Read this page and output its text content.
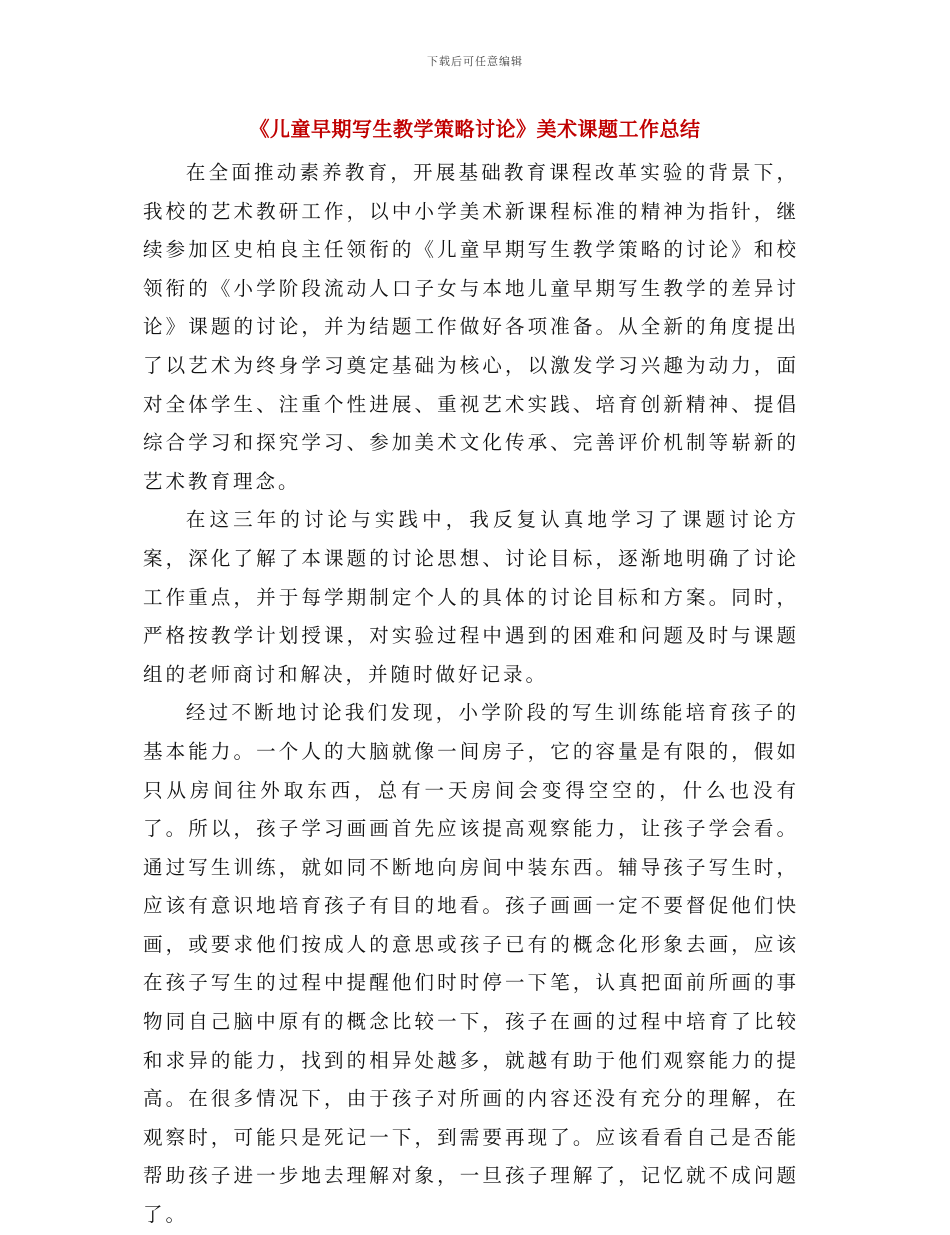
下载后可任意编辑
《儿童早期写生教学策略讨论》美术课题工作总结

在全面推动素养教育，开展基础教育课程改革实验的背景下，我校的艺术教研工作，以中小学美术新课程标准的精神为指针，继续参加区史柏良主任领衔的《儿童早期写生教学策略的讨论》和校领衔的《小学阶段流动人口子女与本地儿童早期写生教学的差异讨论》课题的讨论，并为结题工作做好各项准备。从全新的角度提出了以艺术为终身学习奠定基础为核心，以激发学习兴趣为动力，面对全体学生、注重个性进展、重视艺术实践、培育创新精神、提倡综合学习和探究学习、参加美术文化传承、完善评价机制等崭新的艺术教育理念。

在这三年的讨论与实践中，我反复认真地学习了课题讨论方案，深化了解了本课题的讨论思想、讨论目标，逐渐地明确了讨论工作重点，并于每学期制定个人的具体的讨论目标和方案。同时，严格按教学计划授课，对实验过程中遇到的困难和问题及时与课题组的老师商讨和解决，并随时做好记录。

经过不断地讨论我们发现，小学阶段的写生训练能培育孩子的基本能力。一个人的大脑就像一间房子，它的容量是有限的，假如只从房间往外取东西，总有一天房间会变得空空的，什么也没有了。所以，孩子学习画画首先应该提高观察能力，让孩子学会看。通过写生训练，就如同不断地向房间中装东西。辅导孩子写生时，应该有意识地培育孩子有目的地看。孩子画画一定不要督促他们快画，或要求他们按成人的意思或孩子已有的概念化形象去画，应该在孩子写生的过程中提醒他们时时停一下笔，认真把面前所画的事物同自己脑中原有的概念比较一下，孩子在画的过程中培育了比较和求异的能力，找到的相异处越多，就越有助于他们观察能力的提高。在很多情况下，由于孩子对所画的内容还没有充分的理解，在观察时，可能只是死记一下，到需要再现了。应该看看自己是否能帮助孩子进一步地去理解对象，一旦孩子理解了，记忆就不成问题了。
